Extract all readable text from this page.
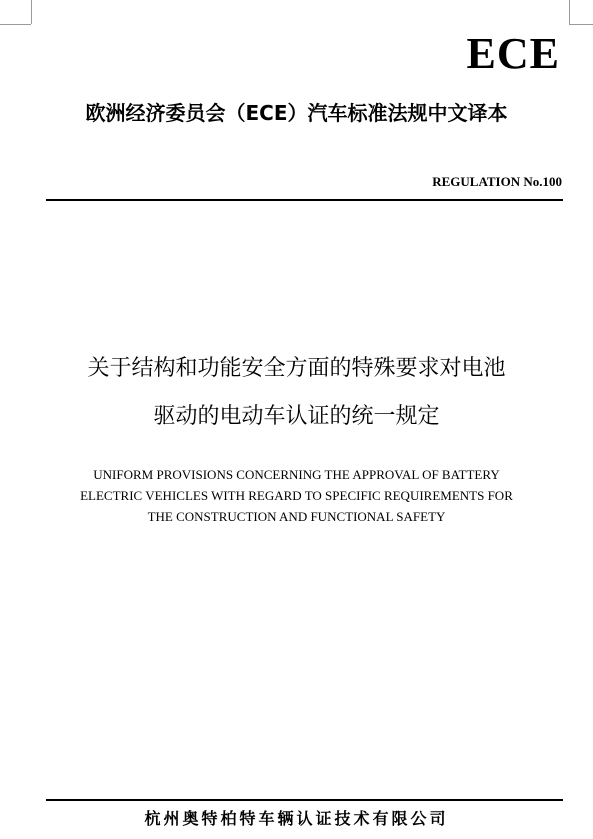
ECE
欧洲经济委员会（ECE）汽车标准法规中文译本
REGULATION No.100
关于结构和功能安全方面的特殊要求对电池
驱动的电动车认证的统一规定
UNIFORM PROVISIONS CONCERNING THE APPROVAL OF BATTERY
ELECTRIC VEHICLES WITH REGARD TO SPECIFIC REQUIREMENTS FOR
THE CONSTRUCTION AND FUNCTIONAL SAFETY
杭州奥特柏特车辆认证技术有限公司
